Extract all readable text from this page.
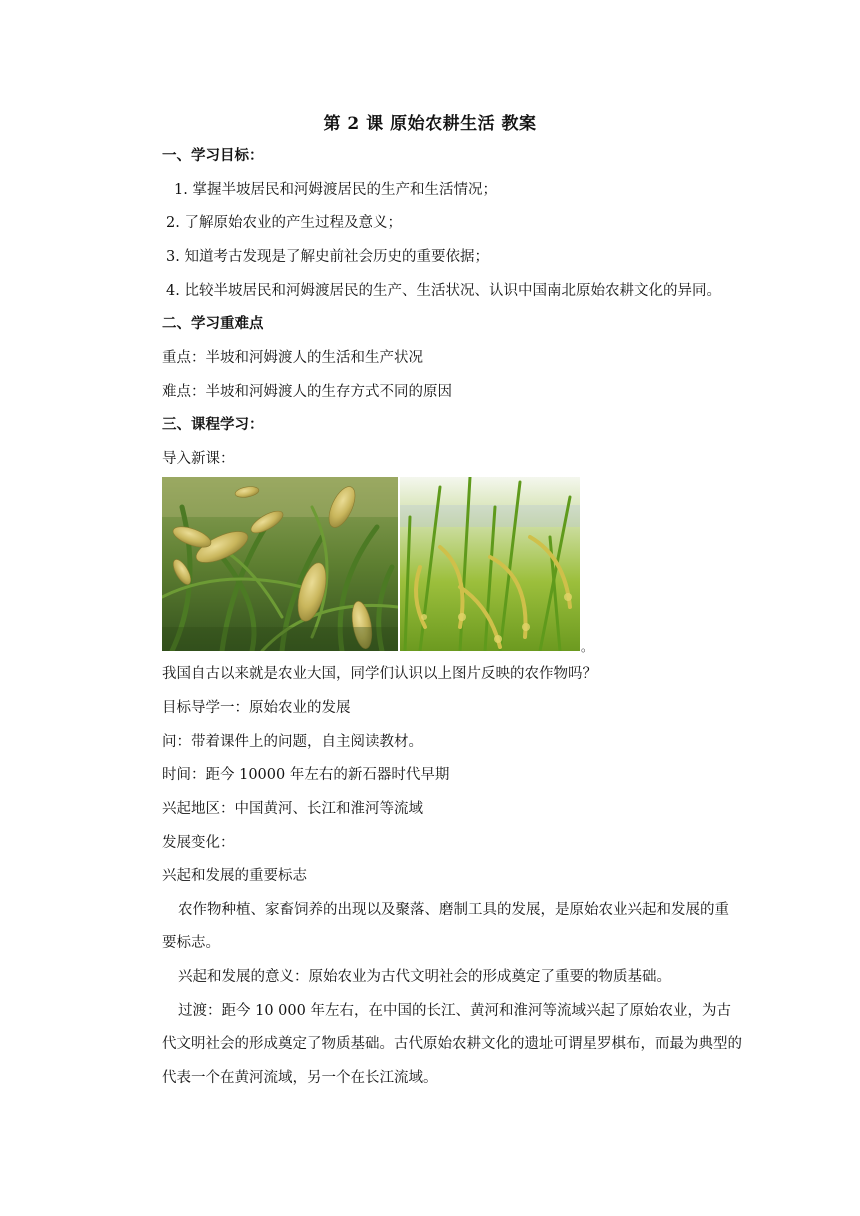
第 2 课 原始农耕生活 教案
一、学习目标：
1. 掌握半坡居民和河姆渡居民的生产和生活情况；
2. 了解原始农业的产生过程及意义；
3. 知道考古发现是了解史前社会历史的重要依据；
4. 比较半坡居民和河姆渡居民的生产、生活状况、认识中国南北原始农耕文化的异同。
二、学习重难点
重点：半坡和河姆渡人的生活和生产状况
难点：半坡和河姆渡人的生存方式不同的原因
三、课程学习：
导入新课：
。
我国自古以来就是农业大国，同学们认识以上图片反映的农作物吗？
目标导学一：原始农业的发展
问：带着课件上的问题，自主阅读教材。
时间：距今 10000 年左右的新石器时代早期
兴起地区：中国黄河、长江和淮河等流域
发展变化：
兴起和发展的重要标志
农作物种植、家畜饲养的出现以及聚落、磨制工具的发展，是原始农业兴起和发展的重
要标志。
兴起和发展的意义：原始农业为古代文明社会的形成奠定了重要的物质基础。
过渡：距今 10 000 年左右，在中国的长江、黄河和淮河等流域兴起了原始农业，为古
代文明社会的形成奠定了物质基础。古代原始农耕文化的遗址可谓星罗棋布，而最为典型的
代表一个在黄河流域，另一个在长江流域。
